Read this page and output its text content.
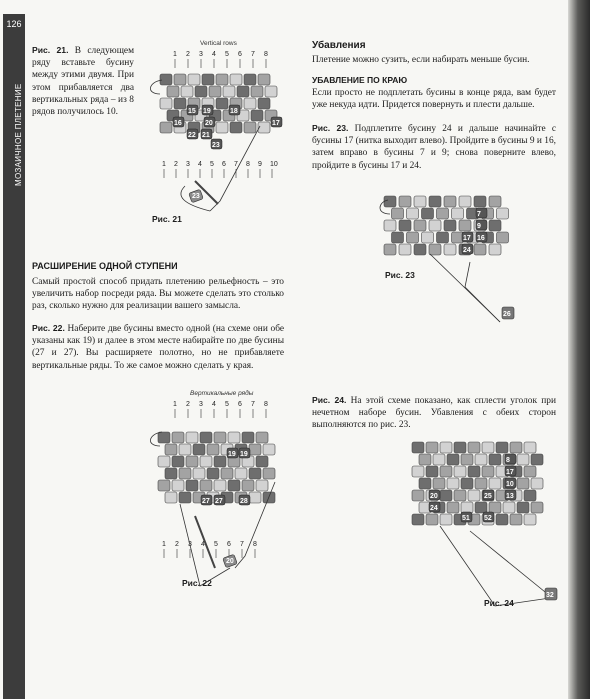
126
МОЗАИЧНОЕ ПЛЕТЕНИЕ
Рис. 21. В следующем ряду вставьте бусину между этими двумя. При этом прибавляется два вертикальных ряда – из 8 рядов получилось 10.
Vertical rows
1 2 3 4 5 6 7 8
15 19	18
16	20	17
22 21
23
1 2 3 4 5 6 7 8 9 10
23
Рис. 21
РАСШИРЕНИЕ ОДНОЙ СТУПЕНИ
Самый простой способ придать плетению рельефность – это увеличить набор посреди ряда. Вы можете сделать это столько раз, сколько нужно для реализации вашего замысла.
Рис. 22. Наберите две бусины вместо одной (на схеме они обе указаны как 19) и далее в этом месте набирайте по две бусины (27 и 27). Вы расширяете полотно, но не прибавляете вертикальные ряды. То же самое можно сделать у края.
Вертикальные ряды
1 2 3 4 5 6 7 8
19 19
27 27 28
1 2 3 4 5 6 7 8
20
Рис. 22
Убавления
Плетение можно сузить, если набирать меньше бусин.
УБАВЛЕНИЕ ПО КРАЮ
Если просто не подплетать бусины в конце ряда, вам будет уже некуда идти. Придется повернуть и плести дальше.
Рис. 23. Подплетите бусину 24 и дальше начинайте с бусины 17 (нитка выходит влево). Пройдите в бусины 9 и 16, затем вправо в бусины 7 и 9; снова поверните влево, пройдите в бусины 17 и 24.
7
9
16
17
24
26
Рис. 23
Рис. 24. На этой схеме показано, как сплести уголок при нечетном наборе бусин. Убавления с обеих сторон выполняются по рис. 23.
8
17
10
13
20
24
25
51 52
32
Рис. 24
